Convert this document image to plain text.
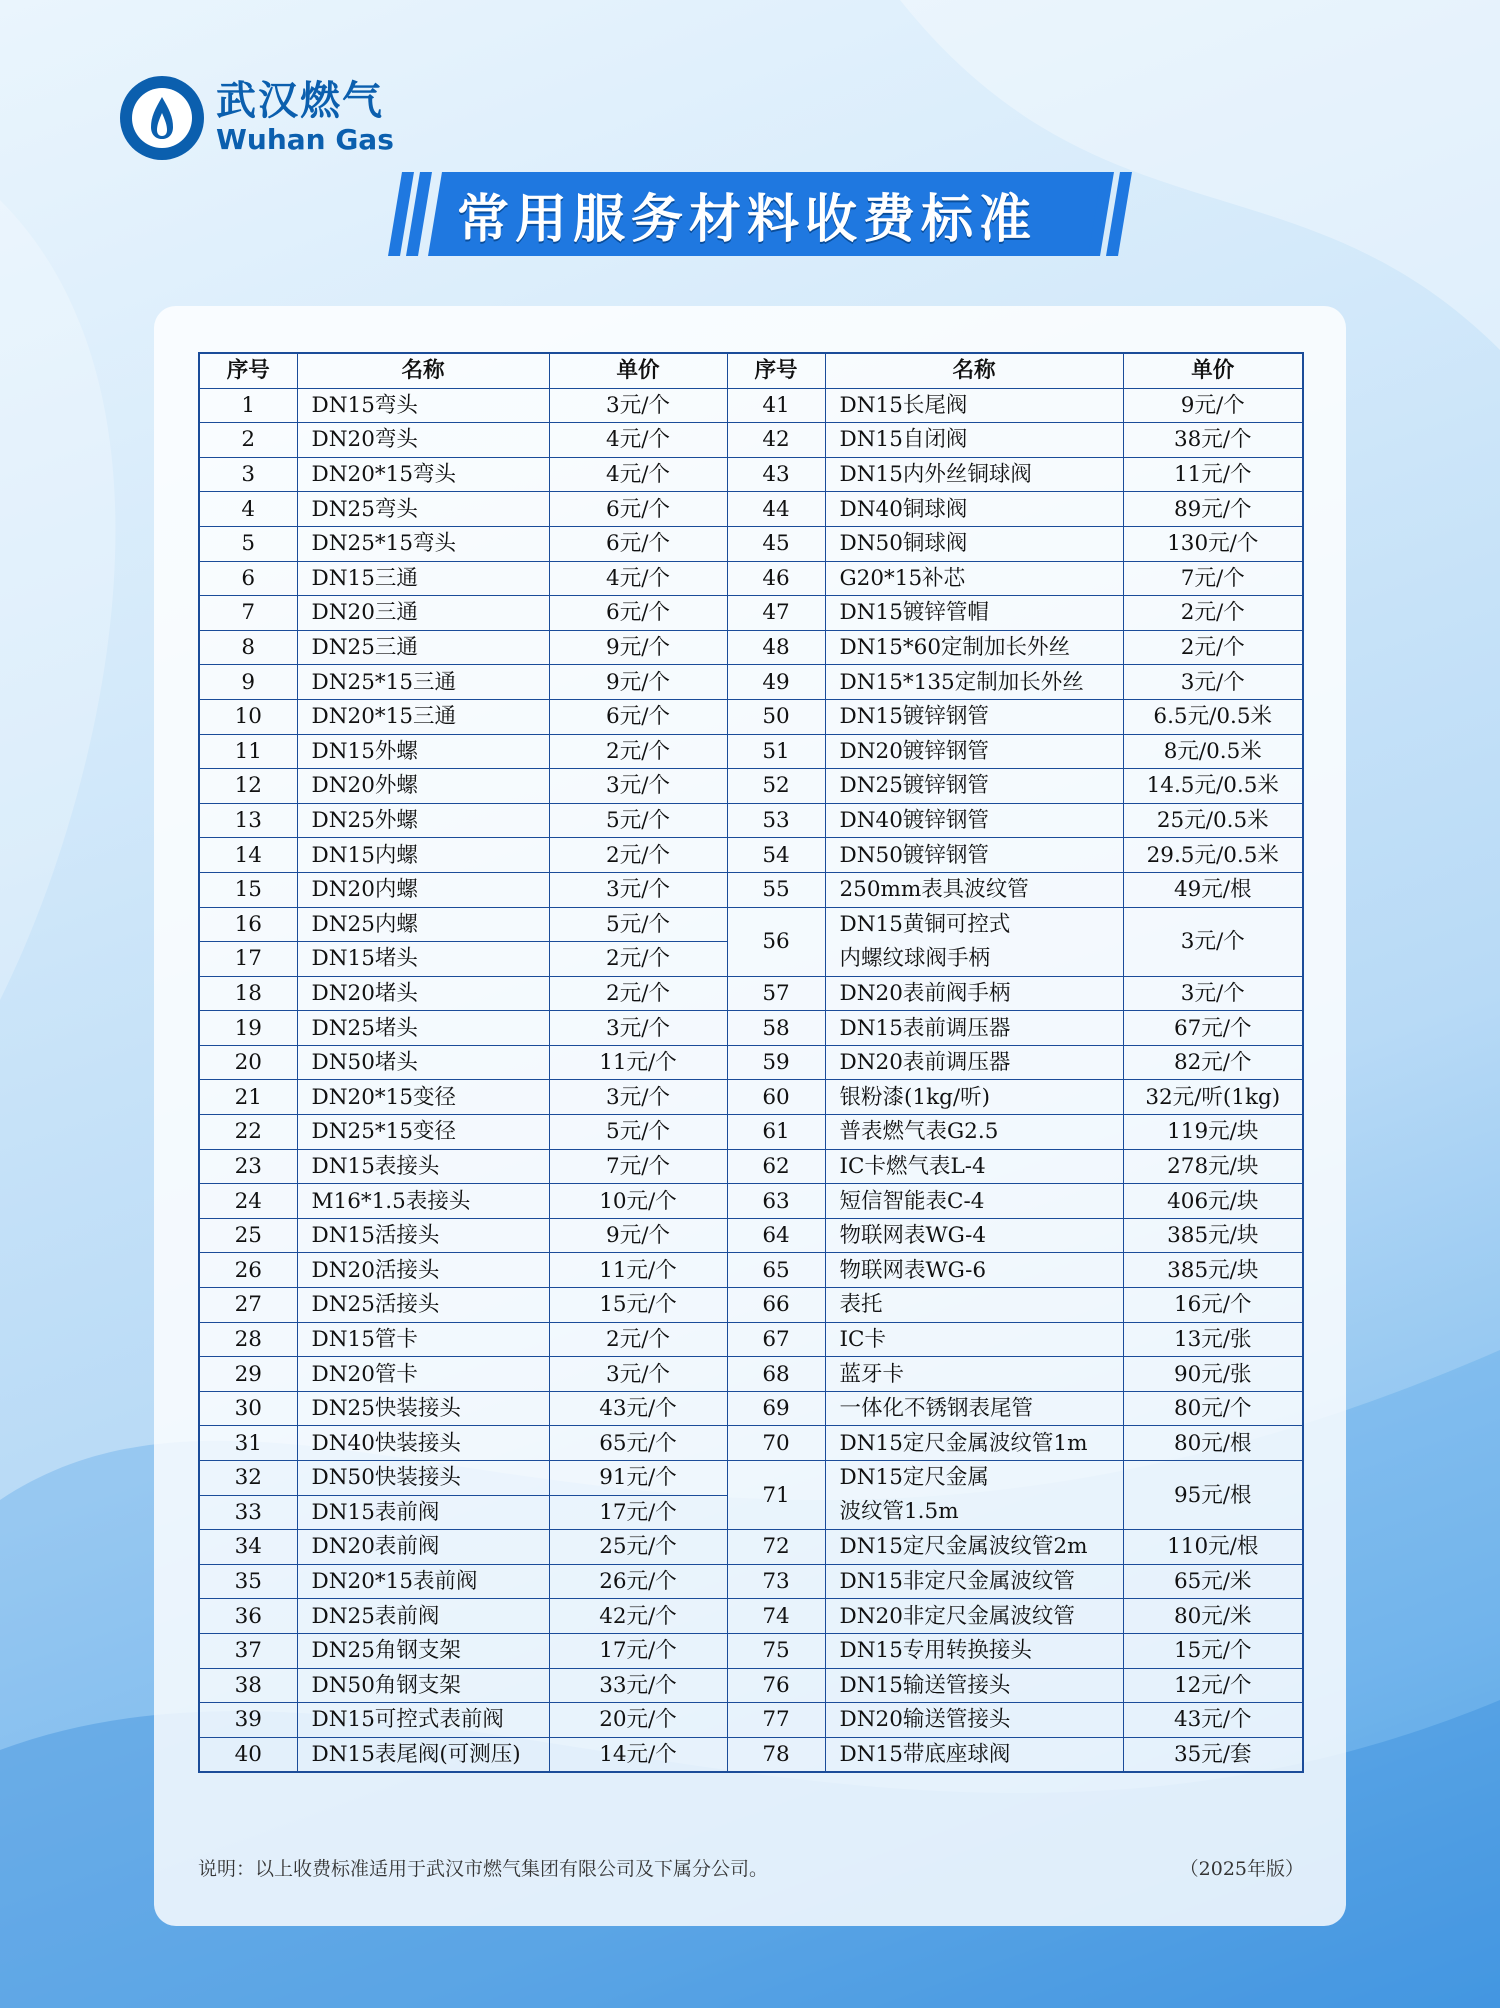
武汉燃气
Wuhan Gas
常用服务材料收费标准
序号	名称	单价	序号	名称	单价
1	DN15弯头	3元/个	41	DN15长尾阀	9元/个
2	DN20弯头	4元/个	42	DN15自闭阀	38元/个
3	DN20*15弯头	4元/个	43	DN15内外丝铜球阀	11元/个
4	DN25弯头	6元/个	44	DN40铜球阀	89元/个
5	DN25*15弯头	6元/个	45	DN50铜球阀	130元/个
6	DN15三通	4元/个	46	G20*15补芯	7元/个
7	DN20三通	6元/个	47	DN15镀锌管帽	2元/个
8	DN25三通	9元/个	48	DN15*60定制加长外丝	2元/个
9	DN25*15三通	9元/个	49	DN15*135定制加长外丝	3元/个
10	DN20*15三通	6元/个	50	DN15镀锌钢管	6.5元/0.5米
11	DN15外螺	2元/个	51	DN20镀锌钢管	8元/0.5米
12	DN20外螺	3元/个	52	DN25镀锌钢管	14.5元/0.5米
13	DN25外螺	5元/个	53	DN40镀锌钢管	25元/0.5米
14	DN15内螺	2元/个	54	DN50镀锌钢管	29.5元/0.5米
15	DN20内螺	3元/个	55	250mm表具波纹管	49元/根
16	DN25内螺	5元/个	56	DN15黄铜可控式
内螺纹球阀手柄	3元/个
17	DN15堵头	2元/个			
18	DN20堵头	2元/个	57	DN20表前阀手柄	3元/个
19	DN25堵头	3元/个	58	DN15表前调压器	67元/个
20	DN50堵头	11元/个	59	DN20表前调压器	82元/个
21	DN20*15变径	3元/个	60	银粉漆(1kg/听)	32元/听(1kg)
22	DN25*15变径	5元/个	61	普表燃气表G2.5	119元/块
23	DN15表接头	7元/个	62	IC卡燃气表L-4	278元/块
24	M16*1.5表接头	10元/个	63	短信智能表C-4	406元/块
25	DN15活接头	9元/个	64	物联网表WG-4	385元/块
26	DN20活接头	11元/个	65	物联网表WG-6	385元/块
27	DN25活接头	15元/个	66	表托	16元/个
28	DN15管卡	2元/个	67	IC卡	13元/张
29	DN20管卡	3元/个	68	蓝牙卡	90元/张
30	DN25快装接头	43元/个	69	一体化不锈钢表尾管	80元/个
31	DN40快装接头	65元/个	70	DN15定尺金属波纹管1m	80元/根
32	DN50快装接头	91元/个	71	DN15定尺金属
波纹管1.5m	95元/根
33	DN15表前阀	17元/个			
34	DN20表前阀	25元/个	72	DN15定尺金属波纹管2m	110元/根
35	DN20*15表前阀	26元/个	73	DN15非定尺金属波纹管	65元/米
36	DN25表前阀	42元/个	74	DN20非定尺金属波纹管	80元/米
37	DN25角钢支架	17元/个	75	DN15专用转换接头	15元/个
38	DN50角钢支架	33元/个	76	DN15输送管接头	12元/个
39	DN15可控式表前阀	20元/个	77	DN20输送管接头	43元/个
40	DN15表尾阀(可测压)	14元/个	78	DN15带底座球阀	35元/套
说明：以上收费标准适用于武汉市燃气集团有限公司及下属分公司。	（2025年版）
